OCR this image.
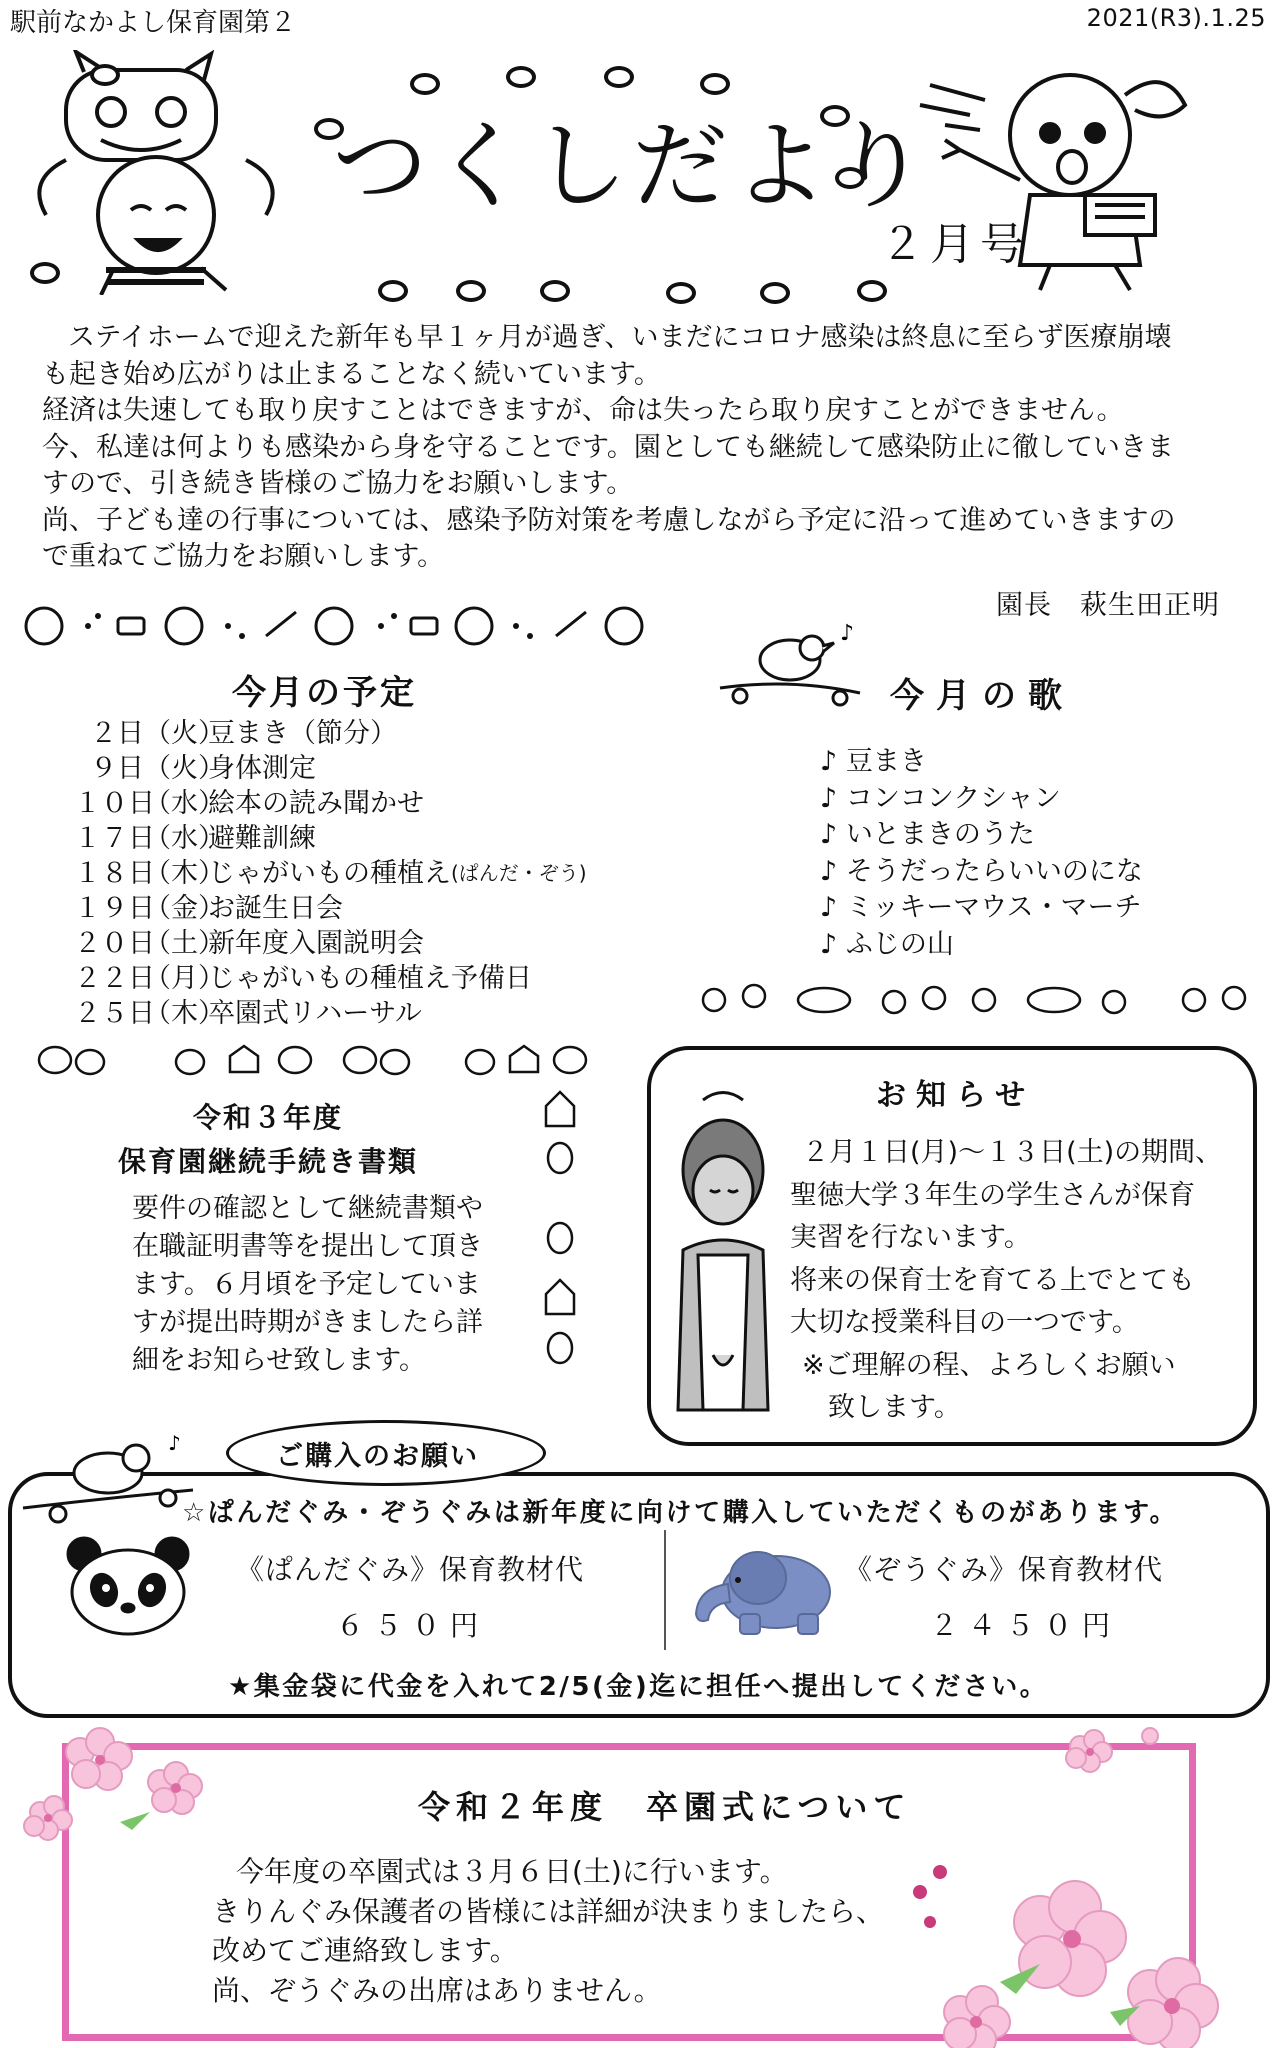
駅前なかよし保育園第２	2021(R3).1.25
つくしだより
２月号

ステイホームで迎えた新年も早１ヶ月が過ぎ、いまだにコロナ感染は終息に至らず医療崩壊

も起き始め広がりは止まることなく続いています。

経済は失速しても取り戻すことはできますが、命は失ったら取り戻すことができません。

今、私達は何よりも感染から身を守ることです。園としても継続して感染防止に徹していきま

すので、引き続き皆様のご協力をお願いします。

尚、子ども達の行事については、感染予防対策を考慮しながら予定に沿って進めていきますの

で重ねてご協力をお願いします。

園長　萩生田正明
今月の予定
２日 （火）
豆まき（節分）
９日 （火）
身体測定
１０日
（水）
絵本の読み聞かせ
１７日
（水）
避難訓練
１８日
（木）
じゃがいもの種植え (ぱんだ・ぞう)
１９日
（金）
お誕生日会
２０日
（土）
新年度入園説明会
２２日
（月）
じゃがいもの種植え予備日
２５日
（木）
卒園式リハーサル
♪
今月の歌
♪ 豆まき
♪ コンコンクシャン
♪ いとまきのうた
♪ そうだったらいいのにな
♪ ミッキーマウス・マーチ
♪ ふじの山
令和３年度
保育園継続手続き書類
要件の確認として継続書類や
在職証明書等を提出して頂き
ます。６月頃を予定していま
すが提出時期がきましたら詳
細をお知らせ致します。
お知らせ
２月１日(月)～１３日(土)の期間、
聖徳大学３年生の学生さんが保育
実習を行ないます。
将来の保育士を育てる上でとても
大切な授業科目の一つです。
※ご理解の程、よろしくお願い
致します。
♪	ご購入のお願い
☆ぱんだぐみ・ぞうぐみは新年度に向けて購入していただくものがあります。
《ぱんだぐみ》保育教材代
６５０円
《ぞうぐみ》保育教材代
２４５０円
★集金袋に代金を入れて2/5(金)迄に担任へ提出してください。
令和２年度　卒園式について
今年度の卒園式は３月６日(土)に行います。
きりんぐみ保護者の皆様には詳細が決まりましたら、
改めてご連絡致します。
尚、ぞうぐみの出席はありません。
